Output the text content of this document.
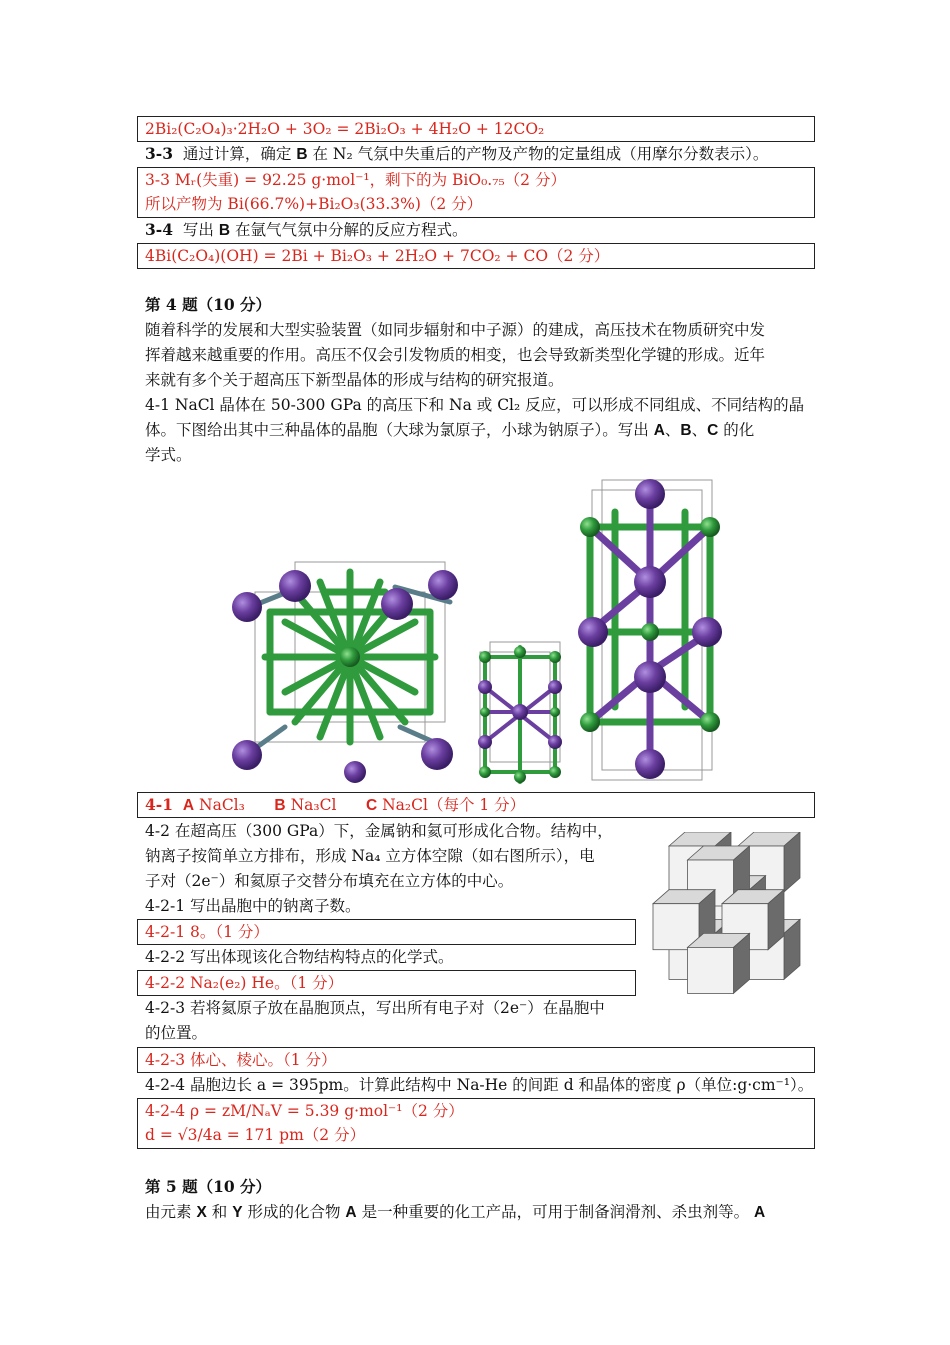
2Bi₂(C₂O₄)₃·2H₂O + 3O₂ = 2Bi₂O₃ + 4H₂O + 12CO₂
3-3 通过计算，确定 B 在 N₂ 气氛中失重后的产物及产物的定量组成（用摩尔分数表示）。
3-3 Mᵣ(失重) = 92.25 g·mol⁻¹，剩下的为 BiO₀.₇₅（2 分）
所以产物为 Bi(66.7%)+Bi₂O₃(33.3%)（2 分）
3-4 写出 B 在氩气气氛中分解的反应方程式。
4Bi(C₂O₄)(OH) = 2Bi + Bi₂O₃ + 2H₂O + 7CO₂ + CO（2 分）
第 4 题（10 分）
随着科学的发展和大型实验装置（如同步辐射和中子源）的建成，高压技术在物质研究中发
挥着越来越重要的作用。高压不仅会引发物质的相变，也会导致新类型化学键的形成。近年
来就有多个关于超高压下新型晶体的形成与结构的研究报道。
4-1 NaCl 晶体在 50-300 GPa 的高压下和 Na 或 Cl₂ 反应，可以形成不同组成、不同结构的晶
体。下图给出其中三种晶体的晶胞（大球为氯原子，小球为钠原子）。写出 A、B、C 的化
学式。
4-1 A NaCl₃ B Na₃Cl C Na₂Cl（每个 1 分）
4-2 在超高压（300 GPa）下，金属钠和氦可形成化合物。结构中，
钠离子按简单立方排布，形成 Na₄ 立方体空隙（如右图所示），电
子对（2e⁻）和氦原子交替分布填充在立方体的中心。
4-2-1 写出晶胞中的钠离子数。
4-2-1 8。（1 分）
4-2-2 写出体现该化合物结构特点的化学式。
4-2-2 Na₂(e₂) He。（1 分）
4-2-3 若将氦原子放在晶胞顶点，写出所有电子对（2e⁻）在晶胞中
的位置。
4-2-3 体心、棱心。（1 分）
4-2-4 晶胞边长 a = 395pm。计算此结构中 Na-He 的间距 d 和晶体的密度 ρ（单位:g·cm⁻¹）。
4-2-4 ρ = zM/NₐV = 5.39 g·mol⁻¹（2 分）
d = √3/4a = 171 pm（2 分）
第 5 题（10 分）
由元素 X 和 Y 形成的化合物 A 是一种重要的化工产品，可用于制备润滑剂、杀虫剂等。 A
